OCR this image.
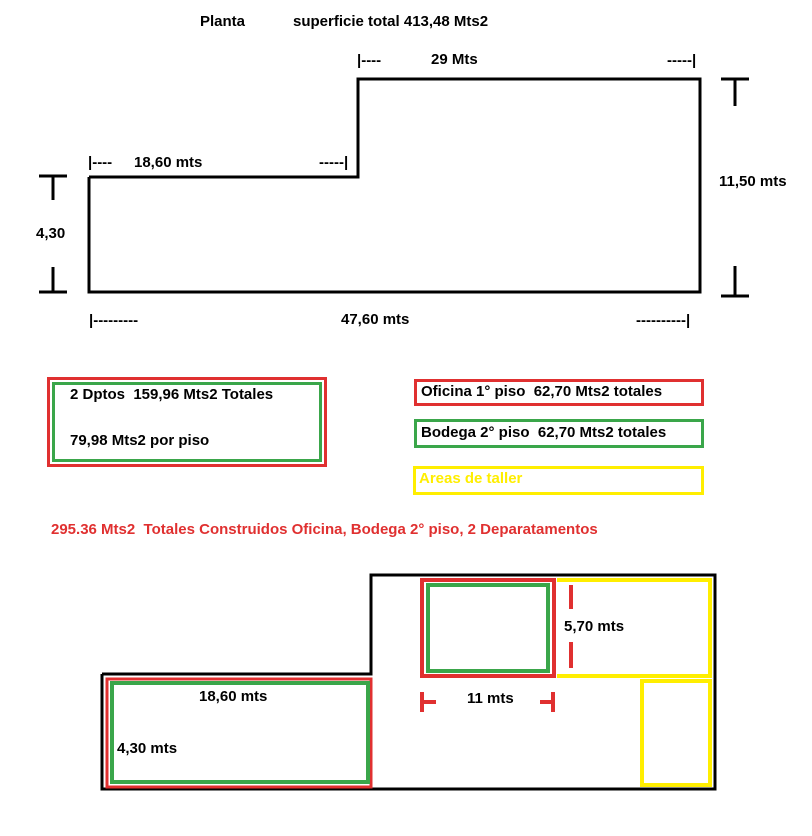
Planta	superficie total 413,48 Mts2
|----	29 Mts	-----|
|---- 18,60 mts	-----|
4,30
11,50 mts
|---------	47,60 mts	----------|
2 Dptos  159,96 Mts2 Totales
79,98 Mts2 por piso
Oficina 1° piso  62,70 Mts2 totales
Bodega 2° piso  62,70 Mts2 totales
Areas de taller
295.36 Mts2  Totales Construidos Oficina, Bodega 2° piso, 2 Deparatamentos
18,60 mts
4,30 mts
5,70 mts
11 mts
